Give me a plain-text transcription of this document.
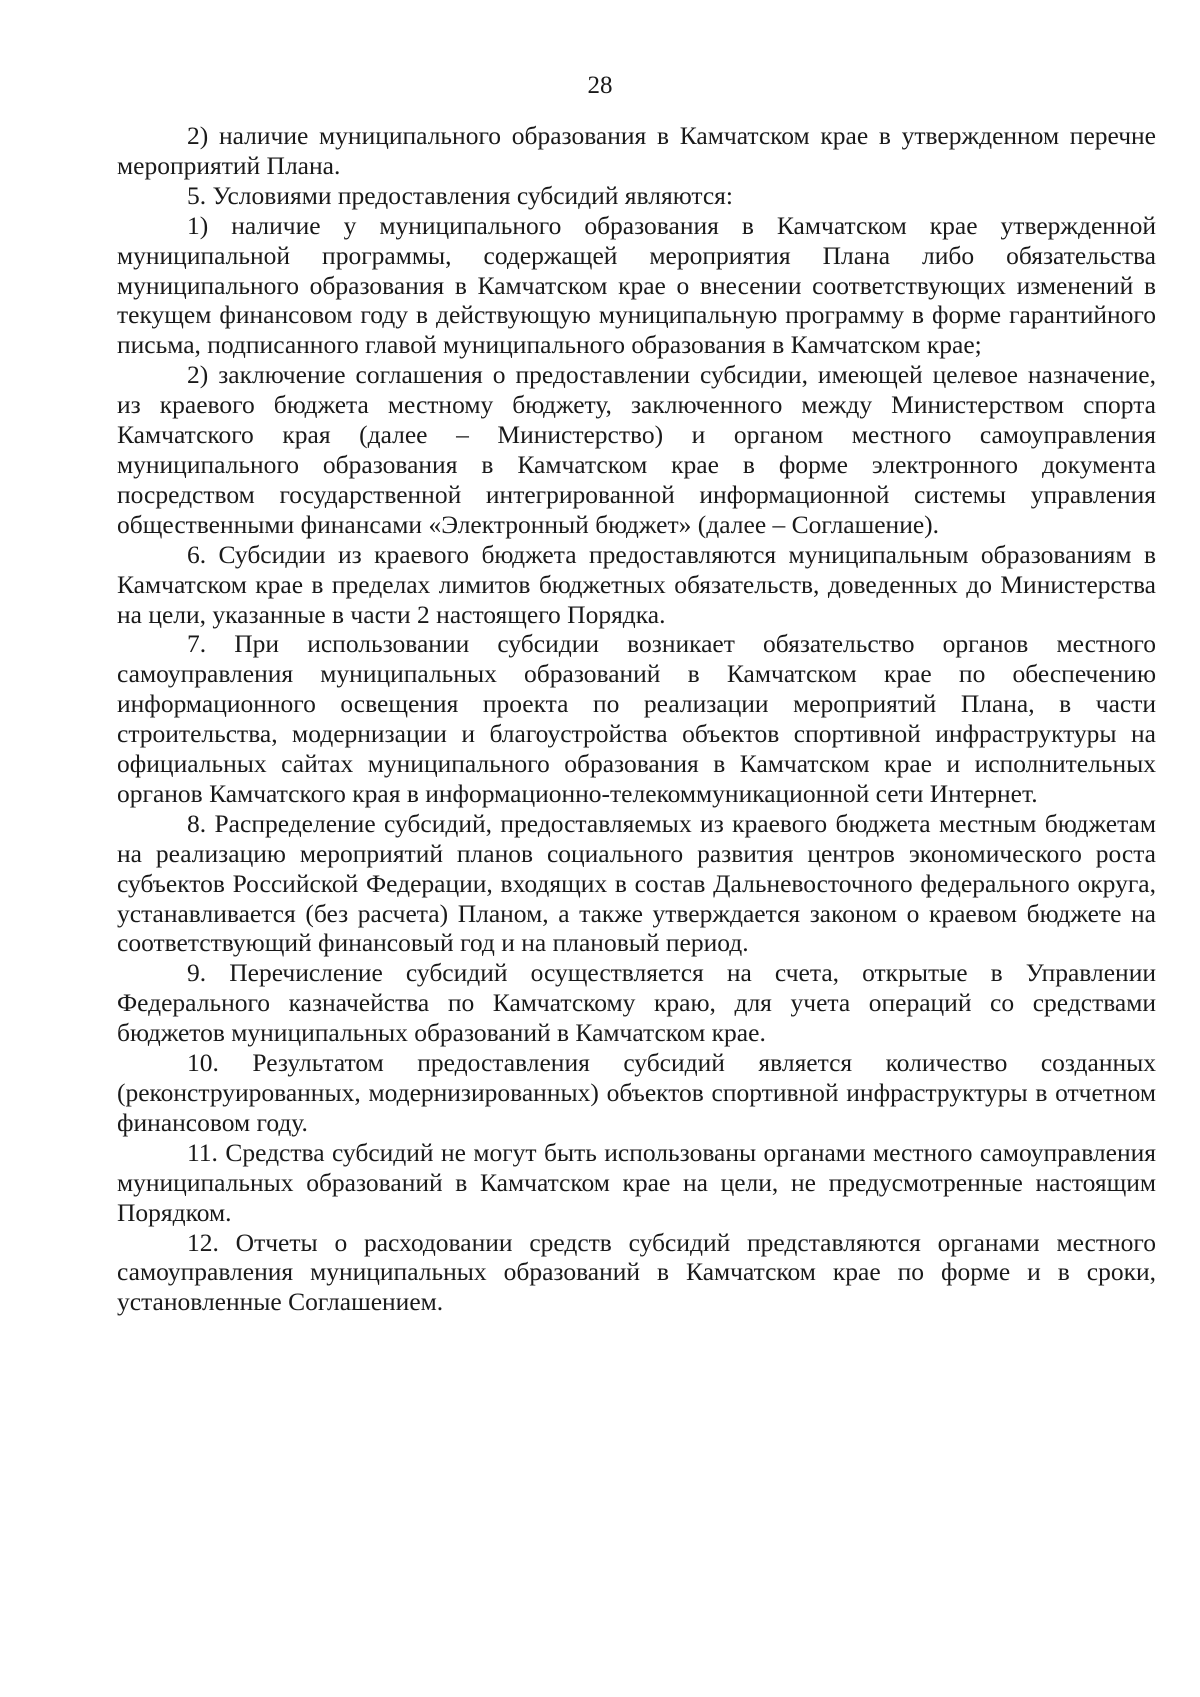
28

2) наличие муниципального образования в Камчатском крае в утвержденном перечне мероприятий Плана.

5. Условиями предоставления субсидий являются:

1) наличие у муниципального образования в Камчатском крае утвержденной муниципальной программы, содержащей мероприятия Плана либо обязательства муниципального образования в Камчатском крае о внесении соответствующих изменений в текущем финансовом году в действующую муниципальную программу в форме гарантийного письма, подписанного главой муниципального образования в Камчатском крае;

2) заключение соглашения о предоставлении субсидии, имеющей целевое назначение, из краевого бюджета местному бюджету, заключенного между Министерством спорта Камчатского края (далее – Министерство) и органом местного самоуправления муниципального образования в Камчатском крае в форме электронного документа посредством государственной интегрированной информационной системы управления общественными финансами «Электронный бюджет» (далее – Соглашение).

6. Субсидии из краевого бюджета предоставляются муниципальным образованиям в Камчатском крае в пределах лимитов бюджетных обязательств, доведенных до Министерства на цели, указанные в части 2 настоящего Порядка.

7. При использовании субсидии возникает обязательство органов местного самоуправления муниципальных образований в Камчатском крае по обеспечению информационного освещения проекта по реализации мероприятий Плана, в части строительства, модернизации и благоустройства объектов спортивной инфраструктуры на официальных сайтах муниципального образования в Камчатском крае и исполнительных органов Камчатского края в информационно-телекоммуникационной сети Интернет.

8. Распределение субсидий, предоставляемых из краевого бюджета местным бюджетам на реализацию мероприятий планов социального развития центров экономического роста субъектов Российской Федерации, входящих в состав Дальневосточного федерального округа, устанавливается (без расчета) Планом, а также утверждается законом о краевом бюджете на соответствующий финансовый год и на плановый период.

9. Перечисление субсидий осуществляется на счета, открытые в Управлении Федерального казначейства по Камчатскому краю, для учета операций со средствами бюджетов муниципальных образований в Камчатском крае.

10. Результатом предоставления субсидий является количество созданных (реконструированных, модернизированных) объектов спортивной инфраструктуры в отчетном финансовом году.

11. Средства субсидий не могут быть использованы органами местного самоуправления муниципальных образований в Камчатском крае на цели, не предусмотренные настоящим Порядком.

12. Отчеты о расходовании средств субсидий представляются органами местного самоуправления муниципальных образований в Камчатском крае по форме и в сроки, установленные Соглашением.
